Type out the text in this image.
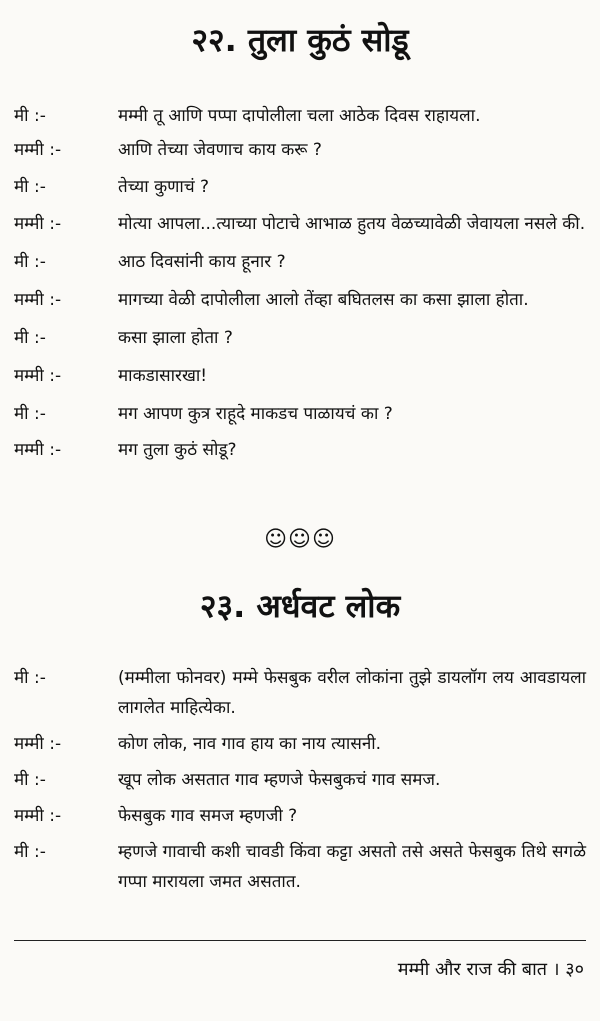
२२. तुला कुठं सोडू
मी :-	मम्मी तू आणि पप्पा दापोलीला चला आठेक दिवस राहायला.
मम्मी :-	आणि तेच्या जेवणाच काय करू ?
मी :-	तेच्या कुणाचं ?
मम्मी :-	मोत्या आपला...त्याच्या पोटाचे आभाळ हुतय वेळच्यावेळी जेवायला नसले की.
मी :-	आठ दिवसांनी काय हूनार ?
मम्मी :-	मागच्या वेळी दापोलीला आलो तेंव्हा बघितलस का कसा झाला होता.
मी :-	कसा झाला होता ?
मम्मी :-	माकडासारखा!
मी :-	मग आपण कुत्र राहूदे माकडच पाळायचं का ?
मम्मी :-	मग तुला कुठं सोडू?
☺☺☺
२३. अर्धवट लोक
मी :-	(मम्मीला फोनवर) मम्मे फेसबुक वरील लोकांना तुझे डायलॉग लय आवडायला लागलेत माहित्येका.
मम्मी :-	कोण लोक, नाव गाव हाय का नाय त्यासनी.
मी :-	खूप लोक असतात गाव म्हणजे फेसबुकचं गाव समज.
मम्मी :-	फेसबुक गाव समज म्हणजी ?
मी :-	म्हणजे गावाची कशी चावडी किंवा कट्टा असतो तसे असते फेसबुक तिथे सगळे गप्पा मारायला जमत असतात.
मम्मी और राज की बात । ३०
